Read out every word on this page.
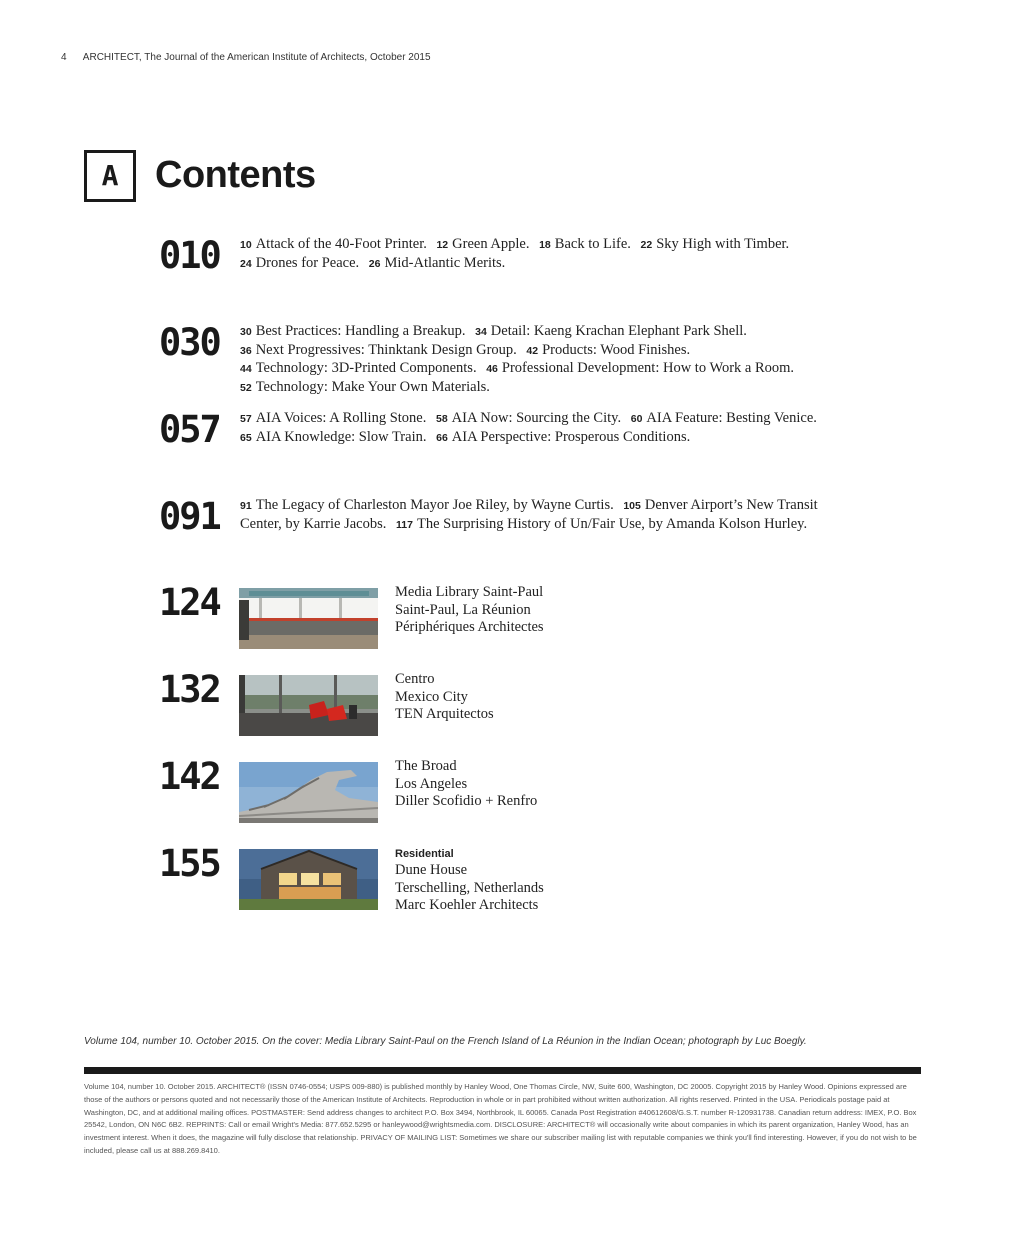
4 ARCHITECT, The Journal of the American Institute of Architects, October 2015
A Contents
010 10 Attack of the 40-Foot Printer. 12 Green Apple. 18 Back to Life. 22 Sky High with Timber.
24 Drones for Peace. 26 Mid-Atlantic Merits.
030 30 Best Practices: Handling a Breakup. 34 Detail: Kaeng Krachan Elephant Park Shell.
36 Next Progressives: Thinktank Design Group. 42 Products: Wood Finishes.
44 Technology: 3D-Printed Components. 46 Professional Development: How to Work a Room.
52 Technology: Make Your Own Materials.
057 57 AIA Voices: A Rolling Stone. 58 AIA Now: Sourcing the City. 60 AIA Feature: Besting Venice.
65 AIA Knowledge: Slow Train. 66 AIA Perspective: Prosperous Conditions.
091 91 The Legacy of Charleston Mayor Joe Riley, by Wayne Curtis. 105 Denver Airport’s New Transit Center, by Karrie Jacobs. 117 The Surprising History of Un/Fair Use, by Amanda Kolson Hurley.
124	Media Library Saint-Paul
Saint-Paul, La Réunion
Périphériques Architectes
132	Centro
Mexico City
TEN Arquitectos
142	The Broad
Los Angeles
Diller Scofidio + Renfro
155	Residential
Dune House
Terschelling, Netherlands
Marc Koehler Architects
Volume 104, number 10. October 2015. On the cover: Media Library Saint-Paul on the French Island of La Réunion in the Indian Ocean; photograph by Luc Boegly.

Volume 104, number 10. October 2015. ARCHITECT® (ISSN 0746-0554; USPS 009-880) is published monthly by Hanley Wood, One Thomas Circle, NW, Suite 600, Washington, DC 20005. Copyright 2015 by Hanley Wood. Opinions expressed are those of the authors or persons quoted and not necessarily those of the American Institute of Architects. Reproduction in whole or in part prohibited without written authorization. All rights reserved. Printed in the USA. Periodicals postage paid at Washington, DC, and at additional mailing offices. POSTMASTER: Send address changes to architect P.O. Box 3494, Northbrook, IL 60065. Canada Post Registration #40612608/G.S.T. number R-120931738. Canadian return address: IMEX, P.O. Box 25542, London, ON N6C 6B2. REPRINTS: Call or email Wright's Media: 877.652.5295 or hanleywood@wrightsmedia.com. DISCLOSURE: ARCHITECT® will occasionally write about companies in which its parent organization, Hanley Wood, has an investment interest. When it does, the magazine will fully disclose that relationship. PRIVACY OF MAILING LIST: Sometimes we share our subscriber mailing list with reputable companies we think you'll find interesting. However, if you do not wish to be included, please call us at 888.269.8410.
